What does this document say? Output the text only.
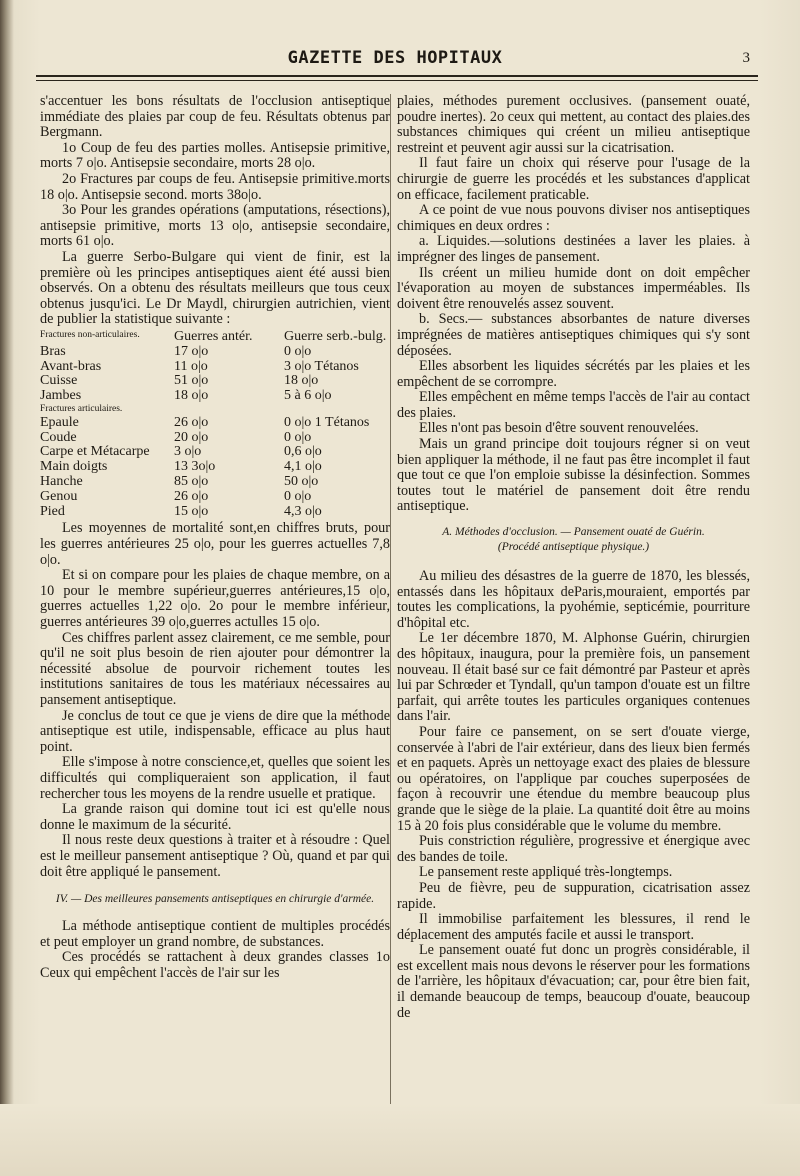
GAZETTE DES HOPITAUX	3

s'accentuer les bons résultats de l'occlusion antiseptique immédiate des plaies par coup de feu. Résultats obtenus par Bergmann.

1o Coup de feu des parties molles. Antisepsie primitive, morts 7 o|o. Antisepsie secondaire, morts 28 o|o.

2o Fractures par coups de feu. Antisepsie primitive.morts 18 o|o. Antisepsie second. morts 38o|o.

3o Pour les grandes opérations (amputations, résections), antisepsie primitive, morts 13 o|o, antisepsie secondaire, morts 61 o|o.

La guerre Serbo-Bulgare qui vient de finir, est la première où les principes antiseptiques aient été aussi bien observés. On a obtenu des résultats meilleurs que tous ceux obtenus jusqu'ici. Le Dr Maydl, chirurgien autrichien, vient de publier la statistique suivante :

Fractures non-articulaires.	Guerres antér.	Guerre serb.-bulg.
Bras	17 o|o	0 o|o
Avant-bras	11 o|o	3 o|o Tétanos
Cuisse	51 o|o	18 o|o
Jambes	18 o|o	5 à 6 o|o
Fractures articulaires.		
Epaule	26 o|o	0 o|o 1 Tétanos
Coude	20 o|o	0 o|o
Carpe et Métacarpe	3 o|o	0,6 o|o
Main doigts	13 3o|o	4,1 o|o
Hanche	85 o|o	50 o|o
Genou	26 o|o	0 o|o
Pied	15 o|o	4,3 o|o

Les moyennes de mortalité sont,en chiffres bruts, pour les guerres antérieures 25 o|o, pour les guerres actuelles 7,8 o|o.

Et si on compare pour les plaies de chaque membre, on a 10 pour le membre supérieur,guerres antérieures,15 o|o, guerres actuelles 1,22 o|o. 2o pour le membre inférieur, guerres antérieures 39 o|o,guerres actulles 15 o|o.

Ces chiffres parlent assez clairement, ce me semble, pour qu'il ne soit plus besoin de rien ajouter pour démontrer la nécessité absolue de pourvoir richement toutes les institutions sanitaires de tous les matériaux nécessaires au pansement antiseptique.

Je conclus de tout ce que je viens de dire que la méthode antiseptique est utile, indispensable, efficace au plus haut point.

Elle s'impose à notre conscience,et, quelles que soient les difficultés qui compliqueraient son application, il faut rechercher tous les moyens de la rendre usuelle et pratique.

La grande raison qui domine tout ici est qu'elle nous donne le maximum de la sécurité.

Il nous reste deux questions à traiter et à résoudre : Quel est le meilleur pansement antiseptique ? Où, quand et par qui doit être appliqué le pansement.

IV. — Des meilleures pansements antiseptiques en chirurgie d'armée.

La méthode antiseptique contient de multiples procédés et peut employer un grand nombre, de substances.

Ces procédés se rattachent à deux grandes classes 1o Ceux qui empêchent l'accès de l'air sur les

plaies, méthodes purement occlusives. (pansement ouaté, poudre inertes). 2o ceux qui mettent, au contact des plaies.des substances chimiques qui créent un milieu antiseptique restreint et peuvent agir aussi sur la cicatrisation.

Il faut faire un choix qui réserve pour l'usage de la chirurgie de guerre les procédés et les substances d'applicat on efficace, facilement praticable.

A ce point de vue nous pouvons diviser nos antiseptiques chimiques en deux ordres :

a. Liquides.—solutions destinées a laver les plaies. à imprégner des linges de pansement.

Ils créent un milieu humide dont on doit empêcher l'évaporation au moyen de substances imperméables. Ils doivent être renouvelés assez souvent.

b. Secs.— substances absorbantes de nature diverses imprégnées de matières antiseptiques chimiques qui s'y sont déposées.

Elles absorbent les liquides sécrétés par les plaies et les empêchent de se corrompre.

Elles empêchent en même temps l'accès de l'air au contact des plaies.

Elles n'ont pas besoin d'être souvent renouvelées.

Mais un grand principe doit toujours régner si on veut bien appliquer la méthode, il ne faut pas être incomplet il faut que tout ce que l'on emploie subisse la désinfection. Sommes toutes tout le matériel de pansement doit être rendu antiseptique.

A. Méthodes d'occlusion. — Pansement ouaté de Guérin.

(Procédé antiseptique physique.)

Au milieu des désastres de la guerre de 1870, les blessés, entassés dans les hôpitaux deParis,mouraient, emportés par toutes les complications, la pyohémie, septicémie, pourriture d'hôpital etc.

Le 1er décembre 1870, M. Alphonse Guérin, chirurgien des hôpitaux, inaugura, pour la première fois, un pansement nouveau. Il était basé sur ce fait démontré par Pasteur et après lui par Schrœder et Tyndall, qu'un tampon d'ouate est un filtre parfait, qui arrête toutes les particules organiques contenues dans l'air.

Pour faire ce pansement, on se sert d'ouate vierge, conservée à l'abri de l'air extérieur, dans des lieux bien fermés et en paquets. Après un nettoyage exact des plaies de blessure ou opératoires, on l'applique par couches superposées de façon à recouvrir une étendue du membre beaucoup plus grande que le siège de la plaie. La quantité doit être au moins 15 à 20 fois plus considérable que le volume du membre.

Puis constriction régulière, progressive et énergique avec des bandes de toile.

Le pansement reste appliqué très-longtemps.

Peu de fièvre, peu de suppuration, cicatrisation assez rapide.

Il immobilise parfaitement les blessures, il rend le déplacement des amputés facile et aussi le transport.

Le pansement ouaté fut donc un progrès considérable, il est excellent mais nous devons le réserver pour les formations de l'arrière, les hôpitaux d'évacuation; car, pour être bien fait, il demande beaucoup de temps, beaucoup d'ouate, beaucoup de
